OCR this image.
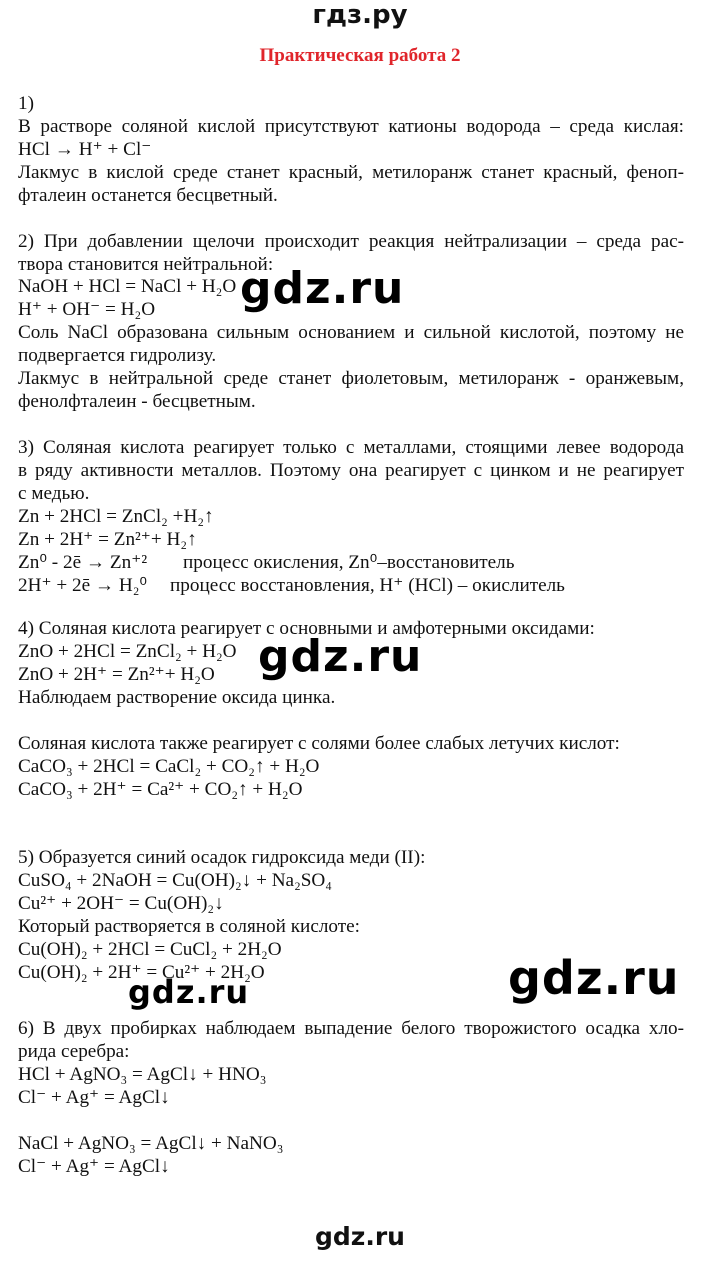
гдз.ру
Практическая работа 2
1)
В растворе соляной кислой присутствуют катионы водорода – среда кислая:
HCl → H⁺ + Cl⁻
Лакмус в кислой среде станет красный, метилоранж станет красный, феноп-
фталеин останется бесцветный.
2) При добавлении щелочи происходит реакция нейтрализации – среда рас-
твора становится нейтральной:
NaOH + HCl = NaCl + H₂O
H⁺ + OH⁻ = H₂O
Соль NaCl образована сильным основанием и сильной кислотой, поэтому не
подвергается гидролизу.
Лакмус в нейтральной среде станет фиолетовым, метилоранж - оранжевым,
фенолфталеин - бесцветным.
3) Соляная кислота реагирует только с металлами, стоящими левее водорода
в ряду активности металлов. Поэтому она реагирует с цинком и не реагирует
с медью.
Zn + 2HCl = ZnCl₂ +H₂↑
Zn + 2H⁺ = Zn²⁺+ H₂↑
Zn⁰ - 2ē → Zn⁺² процесс окисления, Zn⁰–восстановитель
2H⁺ + 2ē → H₂⁰ процесс восстановления, H⁺ (HCl) – окислитель
4) Соляная кислота реагирует с основными и амфотерными оксидами:
ZnO + 2HCl = ZnCl₂ + H₂O
ZnO + 2H⁺ = Zn²⁺+ H₂O
Наблюдаем растворение оксида цинка.
Соляная кислота также реагирует с солями более слабых летучих кислот:
CaCO₃ + 2HCl = CaCl₂ + CO₂↑ + H₂O
CaCO₃ + 2H⁺ = Ca²⁺ + CO₂↑ + H₂O
5) Образуется синий осадок гидроксида меди (II):
CuSO₄ + 2NaOH = Cu(OH)₂↓ + Na₂SO₄
Cu²⁺ + 2OH⁻ = Cu(OH)₂↓
Который растворяется в соляной кислоте:
Cu(OH)₂ + 2HCl = CuCl₂ + 2H₂O
Cu(OH)₂ + 2H⁺ = Cu²⁺ + 2H₂O
6) В двух пробирках наблюдаем выпадение белого творожистого осадка хло-
рида серебра:
HCl + AgNO₃ = AgCl↓ + HNO₃
Cl⁻ + Ag⁺ = AgCl↓
NaCl + AgNO₃ = AgCl↓ + NaNO₃
Cl⁻ + Ag⁺ = AgCl↓
gdz.ru
gdz.ru
gdz.ru
gdz.ru
gdz.ru
